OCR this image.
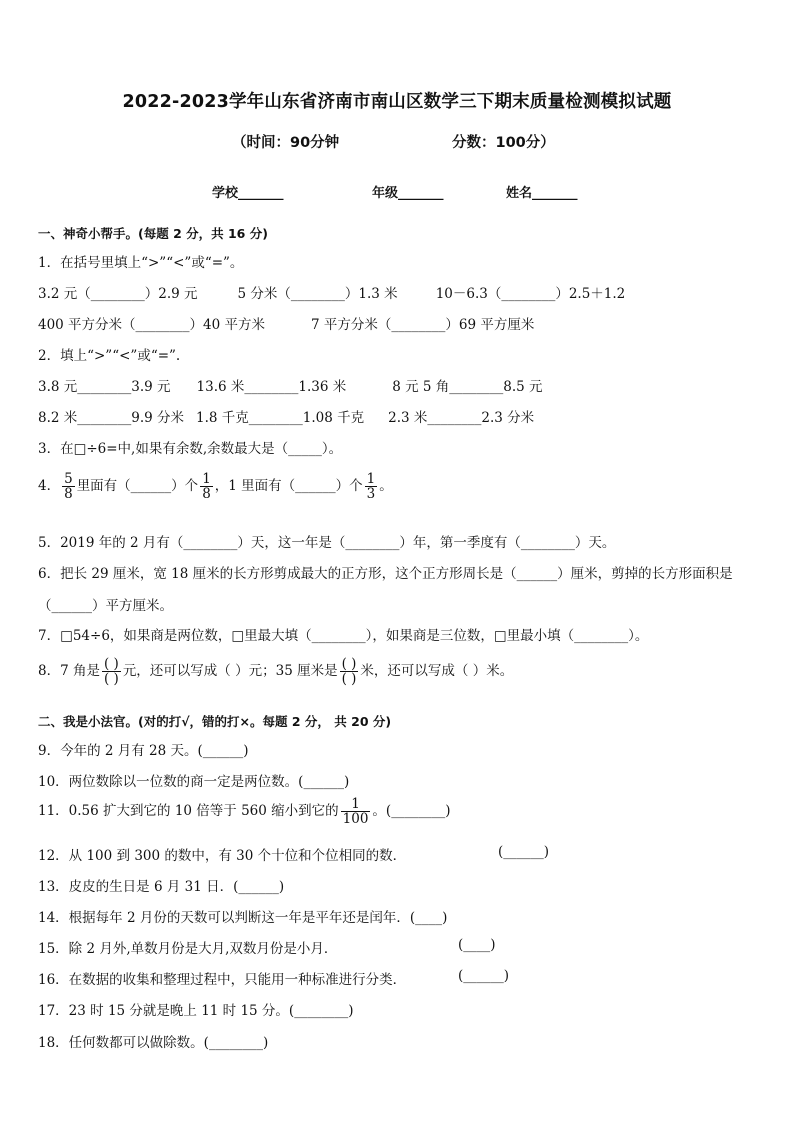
2022-2023学年山东省济南市南山区数学三下期末质量检测模拟试题
（时间：90分钟	分数：100分）
学校_______	年级_______	姓名_______
一、神奇小帮手。(每题 2 分，共 16 分)
1．在括号里填上“>”“<”或“=”。
3.2 元（________）2.9 元	5 分米（________）1.3 米	10－6.3（________）2.5＋1.2
400 平方分米（________）40 平方米	7 平方分米（________）69 平方厘米
2．填上“>”“<”或“=”.
3.8 元________3.9 元 13.6 米________1.36 米	8 元 5 角________8.5 元
8.2 米________9.9 分米 1.8 千克________1.08 千克 2.3 米________2.3 分米
3．在□÷6=中,如果有余数,余数最大是（_____）。
4． $\frac{5}{8}$ 里面有（______）个 $\frac{1}{8}$ ，1 里面有（______）个 $\frac{1}{3}$ 。
5．2019 年的 2 月有（________）天，这一年是（________）年，第一季度有（________）天。
6．把长 29 厘米，宽 18 厘米的长方形剪成最大的正方形，这个正方形周长是（______）厘米，剪掉的长方形面积是
（______）平方厘米。
7．□54÷6，如果商是两位数，□里最大填（________），如果商是三位数，□里最小填（________）。
8．7 角是 $\frac{( )}{( )}$ 元，还可以写成（ ）元；35 厘米是 $\frac{( )}{( )}$ 米，还可以写成（ ）米。
二、我是小法官。(对的打√，错的打×。每题 2 分， 共 20 分)
9．今年的 2 月有 28 天。(______)
10．两位数除以一位数的商一定是两位数。(______)
11．0.56 扩大到它的 10 倍等于 560 缩小到它的 $\frac{1}{100}$ 。(________)
12．从 100 到 300 的数中，有 30 个十位和个位相同的数．	(______)
13．皮皮的生日是 6 月 31 日．(______)
14．根据每年 2 月份的天数可以判断这一年是平年还是闰年．(____)
15．除 2 月外,单数月份是大月,双数月份是小月．	(____)
16．在数据的收集和整理过程中，只能用一种标准进行分类．	(______)
17．23 时 15 分就是晚上 11 时 15 分。(________)
18．任何数都可以做除数。(________)
